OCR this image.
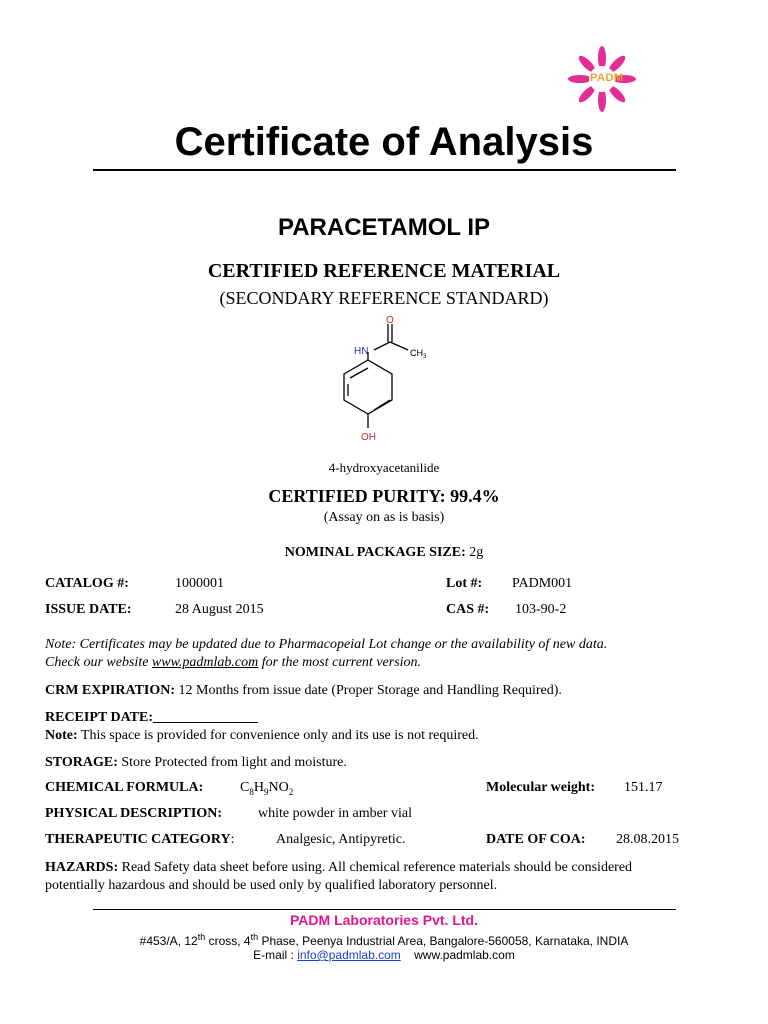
PADM
Certificate of Analysis
PARACETAMOL IP
CERTIFIED REFERENCE MATERIAL
(SECONDARY REFERENCE STANDARD)
HN
O
$CH_3$
OH
4-hydroxyacetanilide
CERTIFIED PURITY: 99.4%
(Assay on as is basis)
NOMINAL PACKAGE SIZE: 2g
CATALOG #:	1000001	Lot #: PADM001
ISSUE DATE:	28 August 2015	CAS #: 103-90-2
Note: Certificates may be updated due to Pharmacopeial Lot change or the availability of new data.
Check our website www.padmlab.com for the most current version.
CRM EXPIRATION: 12 Months from issue date (Proper Storage and Handling Required).
RECEIPT DATE:_______________
Note: This space is provided for convenience only and its use is not required.
STORAGE: Store Protected from light and moisture.
CHEMICAL FORMULA:	$C_8H_9NO_2$	Molecular weight: 151.17
PHYSICAL DESCRIPTION:	white powder in amber vial
THERAPEUTIC CATEGORY:	Analgesic, Antipyretic.	DATE OF COA: 28.08.2015
HAZARDS: Read Safety data sheet before using. All chemical reference materials should be considered
potentially hazardous and should be used only by qualified laboratory personnel.
PADM Laboratories Pvt. Ltd.
#453/A, 12th cross, 4th Phase, Peenya Industrial Area, Bangalore-560058, Karnataka, INDIA
E-mail : info@padmlab.com www.padmlab.com
